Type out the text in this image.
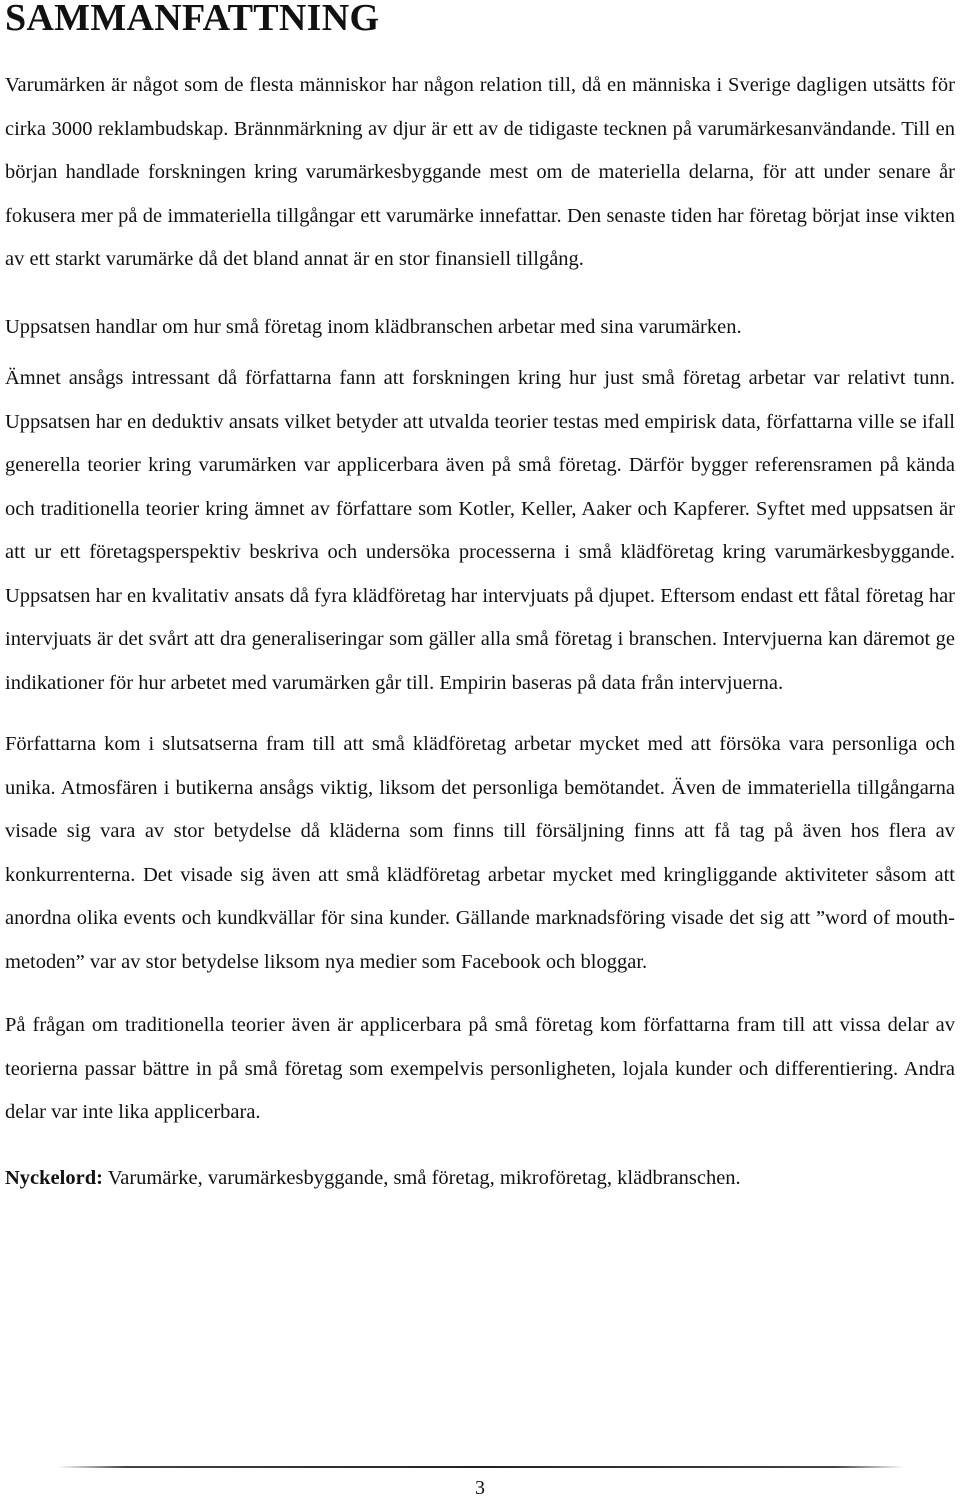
SAMMANFATTNING

Varumärken är något som de flesta människor har någon relation till, då en människa i Sverige dagligen utsätts för cirka 3000 reklambudskap. Brännmärkning av djur är ett av de tidigaste tecknen på varumärkesanvändande. Till en början handlade forskningen kring varumärkesbyggande mest om de materiella delarna, för att under senare år fokusera mer på de immateriella tillgångar ett varumärke innefattar. Den senaste tiden har företag börjat inse vikten av ett starkt varumärke då det bland annat är en stor finansiell tillgång.

Uppsatsen handlar om hur små företag inom klädbranschen arbetar med sina varumärken.

Ämnet ansågs intressant då författarna fann att forskningen kring hur just små företag arbetar var relativt tunn. Uppsatsen har en deduktiv ansats vilket betyder att utvalda teorier testas med empirisk data, författarna ville se ifall generella teorier kring varumärken var applicerbara även på små företag. Därför bygger referensramen på kända och traditionella teorier kring ämnet av författare som Kotler, Keller, Aaker och Kapferer. Syftet med uppsatsen är att ur ett företagsperspektiv beskriva och undersöka processerna i små klädföretag kring varumärkesbyggande. Uppsatsen har en kvalitativ ansats då fyra klädföretag har intervjuats på djupet. Eftersom endast ett fåtal företag har intervjuats är det svårt att dra generaliseringar som gäller alla små företag i branschen. Intervjuerna kan däremot ge indikationer för hur arbetet med varumärken går till. Empirin baseras på data från intervjuerna.

Författarna kom i slutsatserna fram till att små klädföretag arbetar mycket med att försöka vara personliga och unika. Atmosfären i butikerna ansågs viktig, liksom det personliga bemötandet. Även de immateriella tillgångarna visade sig vara av stor betydelse då kläderna som finns till försäljning finns att få tag på även hos flera av konkurrenterna. Det visade sig även att små klädföretag arbetar mycket med kringliggande aktiviteter såsom att anordna olika events och kundkvällar för sina kunder. Gällande marknadsföring visade det sig att ”word of mouth-metoden” var av stor betydelse liksom nya medier som Facebook och bloggar.

På frågan om traditionella teorier även är applicerbara på små företag kom författarna fram till att vissa delar av teorierna passar bättre in på små företag som exempelvis personligheten, lojala kunder och differentiering. Andra delar var inte lika applicerbara.

Nyckelord: Varumärke, varumärkesbyggande, små företag, mikroföretag, klädbranschen.
3
